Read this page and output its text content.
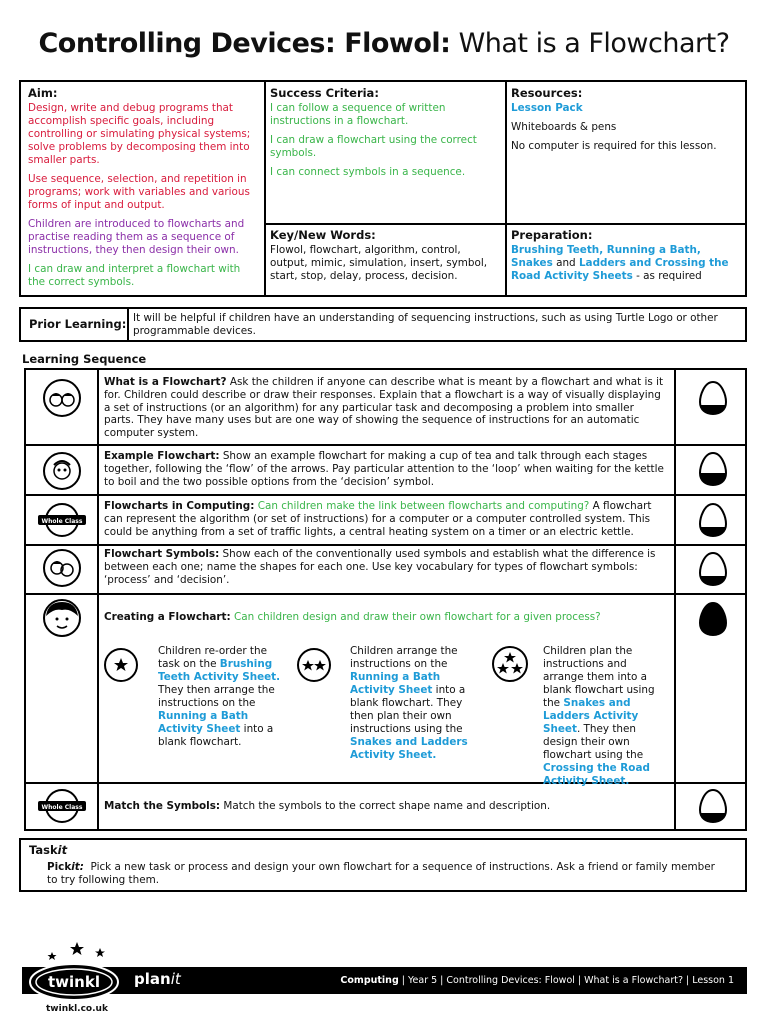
Controlling Devices: Flowol: What is a Flowchart?
Aim:

Design, write and debug programs that accomplish specific goals, including controlling or simulating physical systems; solve problems by decomposing them into smaller parts.

Use sequence, selection, and repetition in programs; work with variables and various forms of input and output.

Children are introduced to flowcharts and practise reading them as a sequence of instructions, they then design their own.

I can draw and interpret a flowchart with the correct symbols.

Success Criteria:

I can follow a sequence of written instructions in a flowchart.

I can draw a flowchart using the correct symbols.

I can connect symbols in a sequence.

Resources:

Lesson Pack

Whiteboards & pens

No computer is required for this lesson.

Key/New Words:

Flowol, flowchart, algorithm, control, output, mimic, simulation, insert, symbol, start, stop, delay, process, decision.

Preparation:

Brushing Teeth, Running a Bath, Snakes and Ladders and Crossing the Road Activity Sheets - as required

Prior Learning: It will be helpful if children have an understanding of sequencing instructions, such as using Turtle Logo or other programmable devices.
Learning Sequence
What is a Flowchart? Ask the children if anyone can describe what is meant by a flowchart and what is it for. Children could describe or draw their responses. Explain that a flowchart is a way of visually displaying a set of instructions (or an algorithm) for any particular task and decomposing a problem into smaller parts. They have many uses but are one way of showing the sequence of instructions for an automatic computer system.
Example Flowchart: Show an example flowchart for making a cup of tea and talk through each stages together, following the ‘flow’ of the arrows. Pay particular attention to the ‘loop’ when waiting for the kettle to boil and the two possible options from the ‘decision’ symbol.
Whole Class
Flowcharts in Computing: Can children make the link between flowcharts and computing? A flowchart can represent the algorithm (or set of instructions) for a computer or a computer controlled system. This could be anything from a set of traffic lights, a central heating system on a timer or an electric kettle.
Flowchart Symbols: Show each of the conventionally used symbols and establish what the difference is between each one; name the shapes for each one. Use key vocabulary for types of flowchart symbols: ‘process’ and ‘decision’.
Creating a Flowchart: Can children design and draw their own flowchart for a given process?
Children re-order the task on the Brushing Teeth Activity Sheet. They then arrange the instructions on the Running a Bath Activity Sheet into a blank flowchart.
Children arrange the instructions on the Running a Bath Activity Sheet into a blank flowchart. They then plan their own instructions using the Snakes and Ladders Activity Sheet.
Children plan the instructions and arrange them into a blank flowchart using the Snakes and Ladders Activity Sheet. They then design their own flowchart using the Crossing the Road Activity Sheet.
Whole Class Match the Symbols: Match the symbols to the correct shape name and description.
Taskit
Pickit: Pick a new task or process and design your own flowchart for a sequence of instructions. Ask a friend or family member to try following them.
twinkl
twinkl.co.uk
planit	Computing | Year 5 | Controlling Devices: Flowol | What is a Flowchart? | Lesson 1
